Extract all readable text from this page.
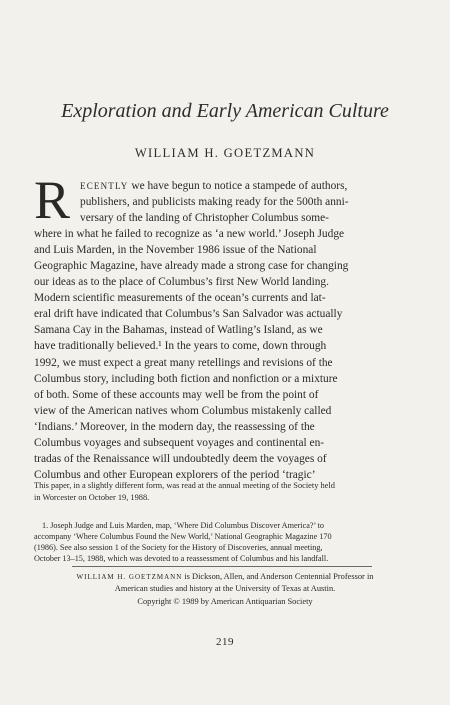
Exploration and Early American Culture
WILLIAM H. GOETZMANN
R	ECENTLY we have begun to notice a stampede of authors,
publishers, and publicists making ready for the 500th anni-
versary of the landing of Christopher Columbus some-
where in what he failed to recognize as ‘a new world.’ Joseph Judge
and Luis Marden, in the November 1986 issue of the National
Geographic Magazine, have already made a strong case for changing
our ideas as to the place of Columbus’s first New World landing.
Modern scientific measurements of the ocean’s currents and lat-
eral drift have indicated that Columbus’s San Salvador was actually
Samana Cay in the Bahamas, instead of Watling’s Island, as we
have traditionally believed.¹ In the years to come, down through
1992, we must expect a great many retellings and revisions of the
Columbus story, including both fiction and nonfiction or a mixture
of both. Some of these accounts may well be from the point of
view of the American natives whom Columbus mistakenly called
‘Indians.’ Moreover, in the modern day, the reassessing of the
Columbus voyages and subsequent voyages and continental en-
tradas of the Renaissance will undoubtedly deem the voyages of
Columbus and other European explorers of the period ‘tragic’
This paper, in a slightly different form, was read at the annual meeting of the Society held
in Worcester on October 19, 1988.
1. Joseph Judge and Luis Marden, map, ‘Where Did Columbus Discover America?’ to
accompany ‘Where Columbus Found the New World,’ National Geographic Magazine 170
(1986). See also session 1 of the Society for the History of Discoveries, annual meeting,
October 13–15, 1988, which was devoted to a reassessment of Columbus and his landfall.
WILLIAM H. GOETZMANN is Dickson, Allen, and Anderson Centennial Professor in
American studies and history at the University of Texas at Austin.
Copyright © 1989 by American Antiquarian Society
219
